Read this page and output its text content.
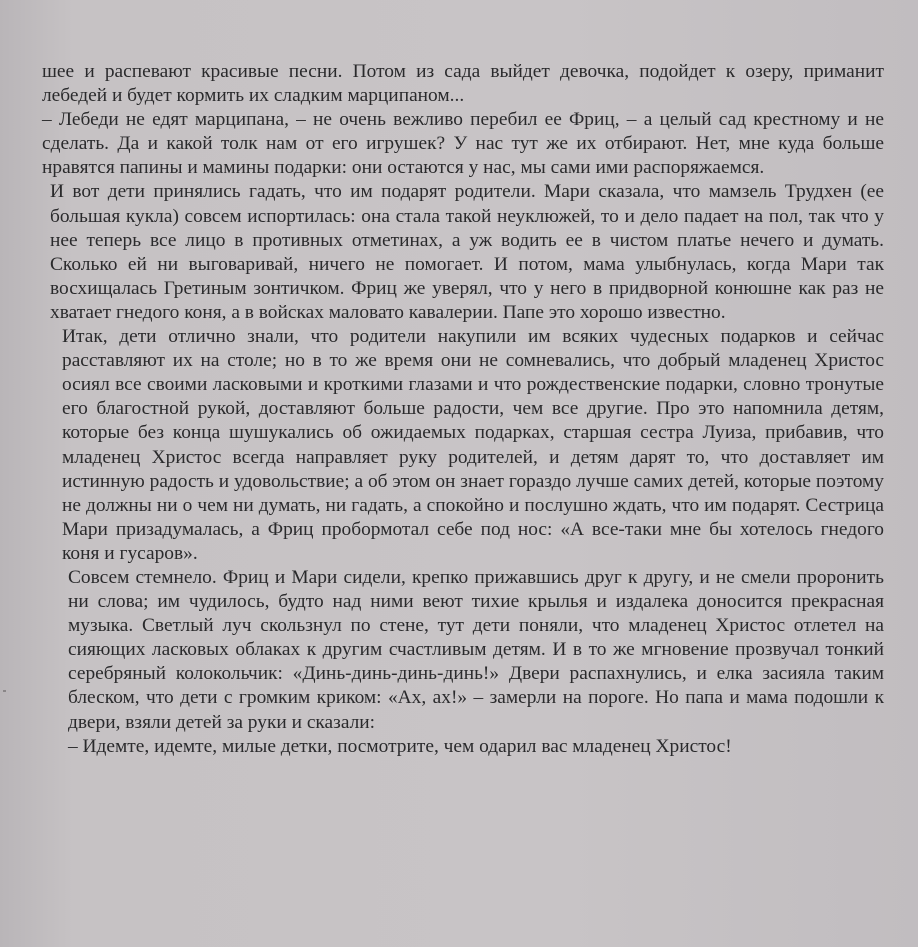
шее и распевают красивые песни. Потом из сада выйдет девочка, подойдет к озеру, приманит лебедей и будет кормить их сладким марципаном...

– Лебеди не едят марципана, – не очень вежливо перебил ее Фриц, – а целый сад крестному и не сделать. Да и какой толк нам от его игрушек? У нас тут же их отбирают. Нет, мне куда больше нравятся папины и мамины подарки: они остаются у нас, мы сами ими распоряжаемся.

И вот дети принялись гадать, что им подарят родители. Мари сказала, что мамзель Трудхен (ее большая кукла) совсем испортилась: она стала такой неуклюжей, то и дело падает на пол, так что у нее теперь все лицо в противных отметинах, а уж водить ее в чистом платье нечего и думать. Сколько ей ни выговаривай, ничего не помогает. И потом, мама улыбнулась, когда Мари так восхищалась Гретиным зонтичком. Фриц же уверял, что у него в придворной конюшне как раз не хватает гнедого коня, а в войсках маловато кавалерии. Папе это хорошо известно.

Итак, дети отлично знали, что родители накупили им всяких чудесных подарков и сейчас расставляют их на столе; но в то же время они не сомневались, что добрый младенец Христос осиял все своими ласковыми и кроткими глазами и что рождественские подарки, словно тронутые его благостной рукой, доставляют больше радости, чем все другие. Про это напомнила детям, которые без конца шушукались об ожидаемых подарках, старшая сестра Луиза, прибавив, что младенец Христос всегда направляет руку родителей, и детям дарят то, что доставляет им истинную радость и удовольствие; а об этом он знает гораздо лучше самих детей, которые поэтому не должны ни о чем ни думать, ни гадать, а спокойно и послушно ждать, что им подарят. Сестрица Мари призадумалась, а Фриц пробормотал себе под нос: «А все-таки мне бы хотелось гнедого коня и гусаров».

Совсем стемнело. Фриц и Мари сидели, крепко прижавшись друг к другу, и не смели проронить ни слова; им чудилось, будто над ними веют тихие крылья и издалека доносится прекрасная музыка. Светлый луч скользнул по стене, тут дети поняли, что младенец Христос отлетел на сияющих ласковых облаках к другим счастливым детям. И в то же мгновение прозвучал тонкий серебряный колокольчик: «Динь-динь-динь-динь!» Двери распахнулись, и елка засияла таким блеском, что дети с громким криком: «Ах, ах!» – замерли на пороге. Но папа и мама подошли к двери, взяли детей за руки и сказали:

– Идемте, идемте, милые детки, посмотрите, чем одарил вас младенец Христос!
